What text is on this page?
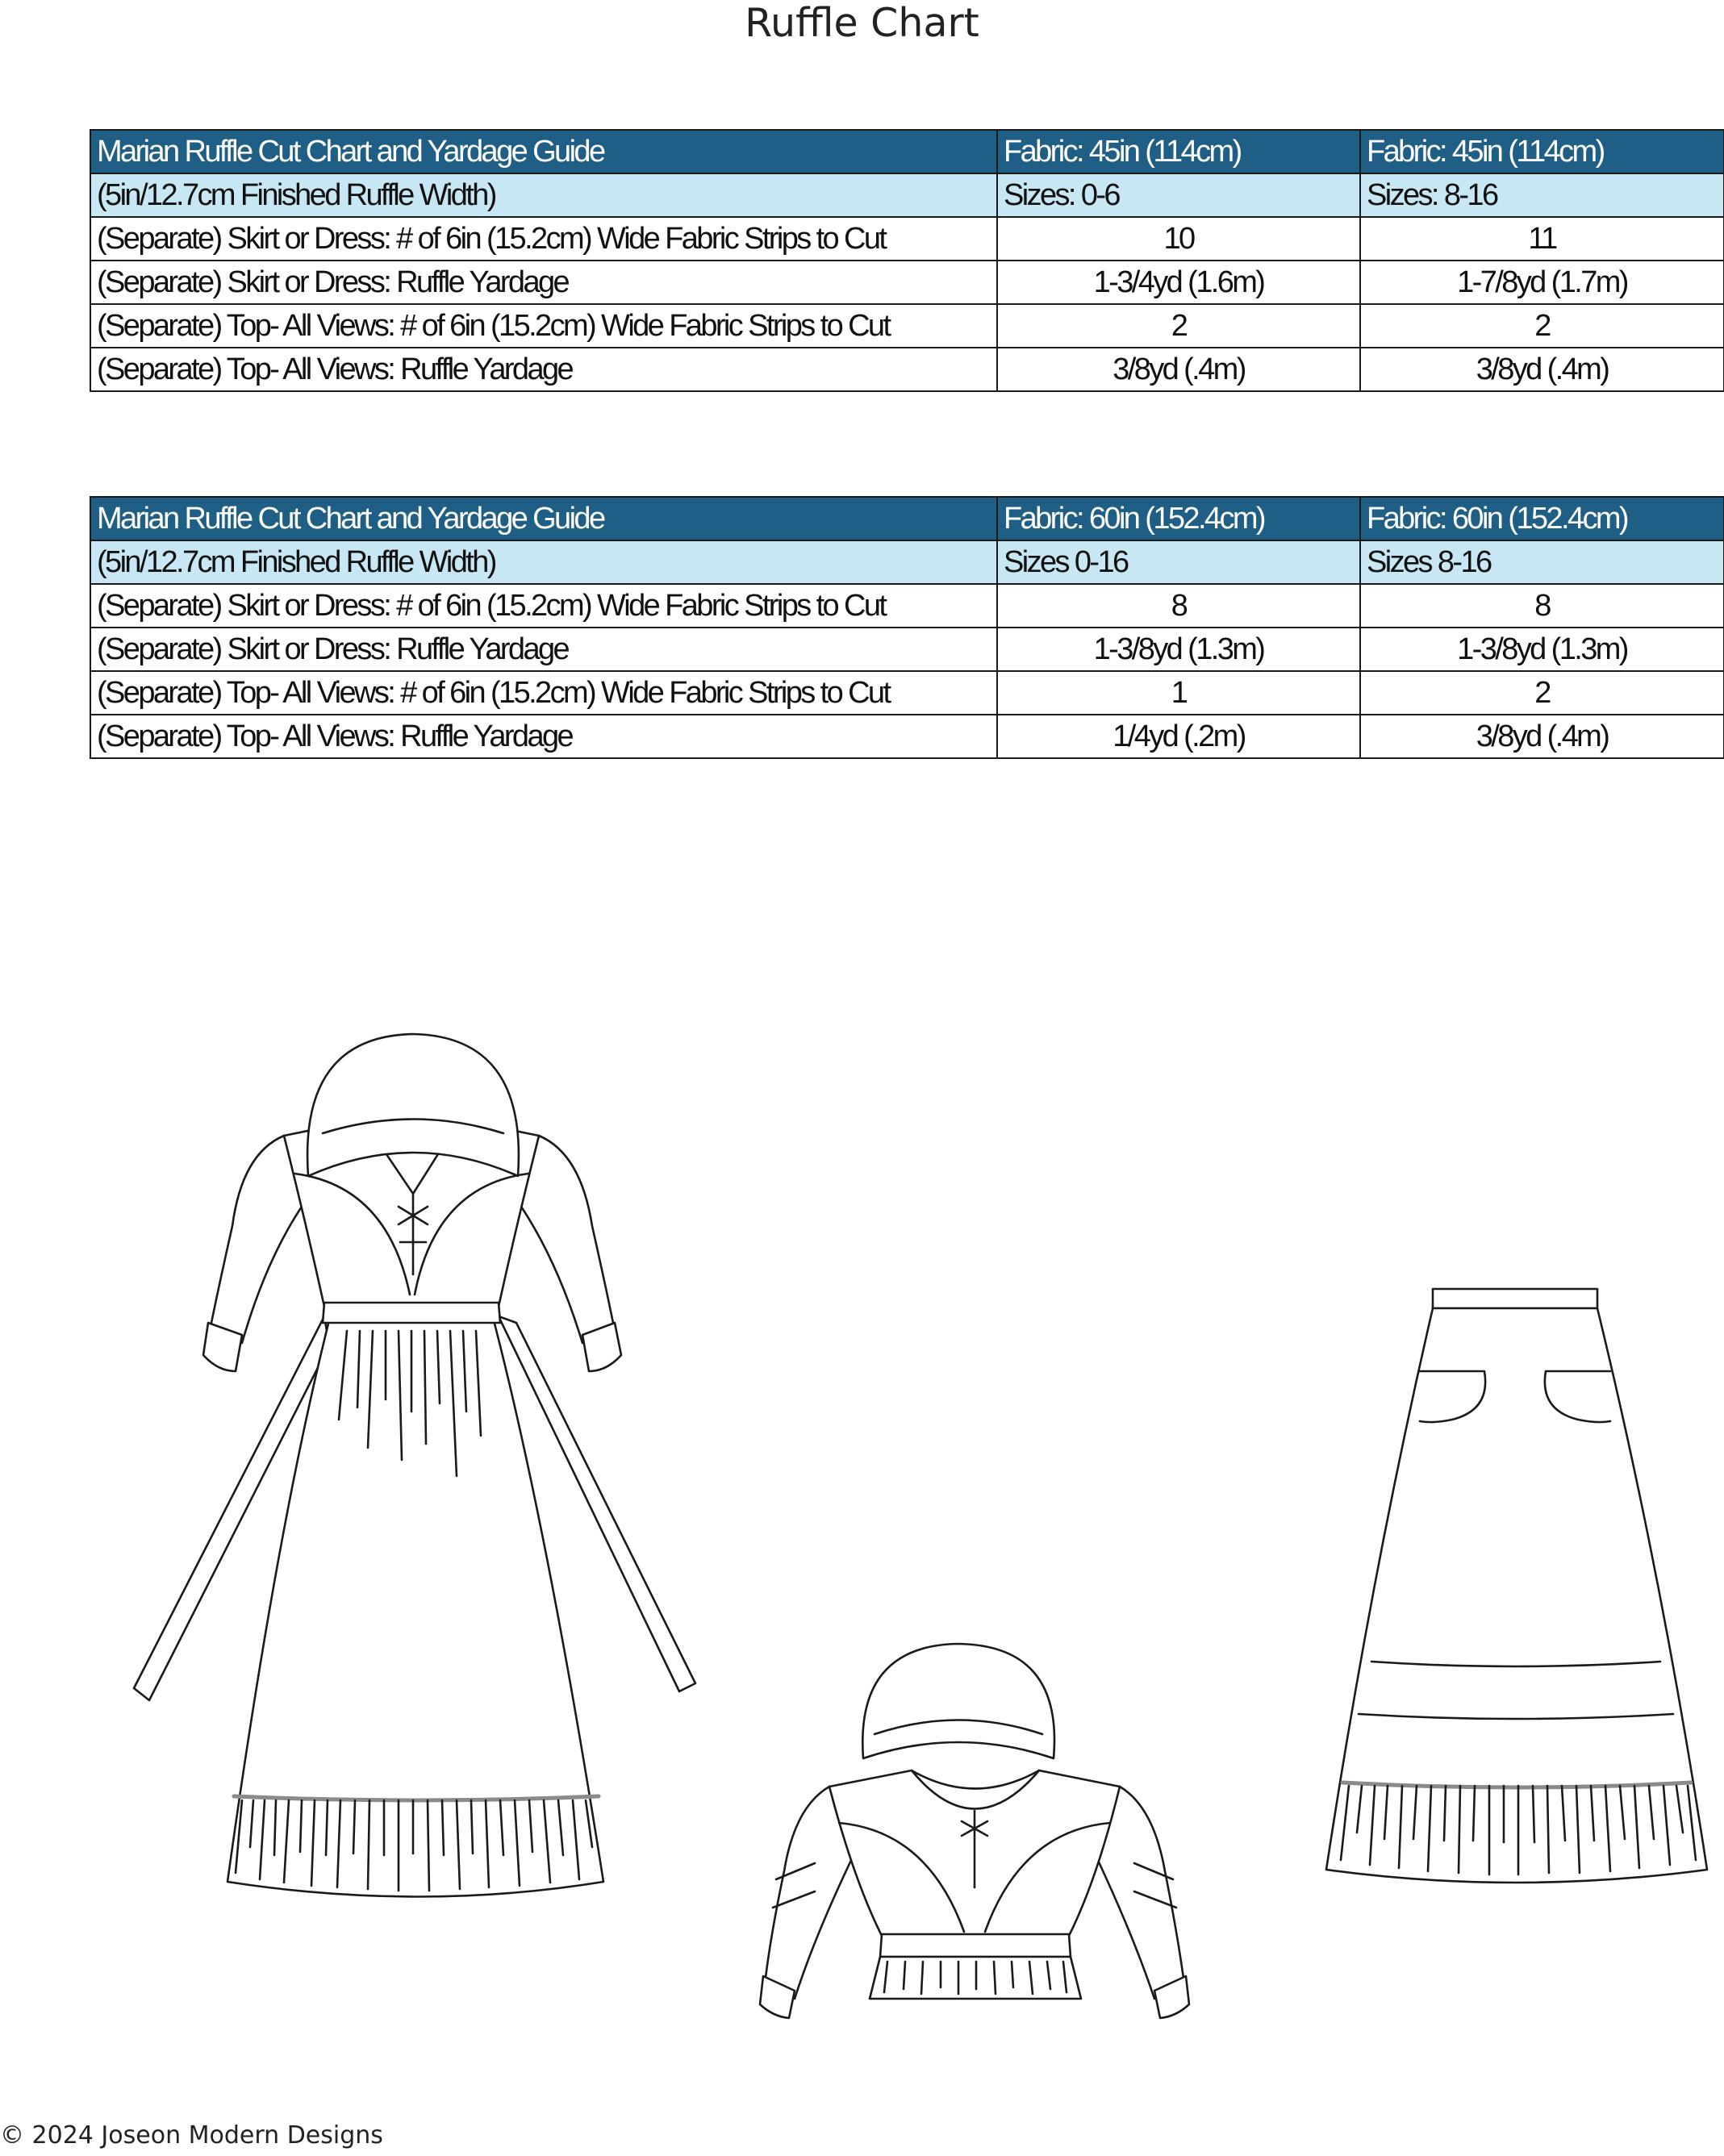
Ruffle Chart
Marian Ruffle Cut Chart and Yardage Guide	Fabric: 45in (114cm)	Fabric: 45in (114cm)
(5in/12.7cm Finished Ruffle Width)	Sizes: 0-6	Sizes: 8-16
(Separate) Skirt or Dress: # of 6in (15.2cm) Wide Fabric Strips to Cut	10	11
(Separate) Skirt or Dress: Ruffle Yardage	1-3/4yd (1.6m)	1-7/8yd (1.7m)
(Separate) Top- All Views: # of 6in (15.2cm) Wide Fabric Strips to Cut	2	2
(Separate) Top- All Views: Ruffle Yardage	3/8yd (.4m)	3/8yd (.4m)
Marian Ruffle Cut Chart and Yardage Guide	Fabric: 60in (152.4cm)	Fabric: 60in (152.4cm)
(5in/12.7cm Finished Ruffle Width)	Sizes 0-16	Sizes 8-16
(Separate) Skirt or Dress: # of 6in (15.2cm) Wide Fabric Strips to Cut	8	8
(Separate) Skirt or Dress: Ruffle Yardage	1-3/8yd (1.3m)	1-3/8yd (1.3m)
(Separate) Top- All Views: # of 6in (15.2cm) Wide Fabric Strips to Cut	1	2
(Separate) Top- All Views: Ruffle Yardage	1/4yd (.2m)	3/8yd (.4m)
© 2024 Joseon Modern Designs
